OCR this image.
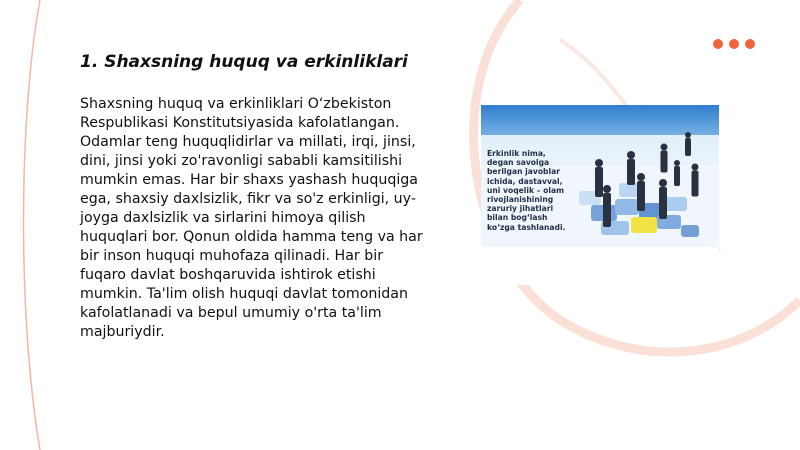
1. Shaxsning huquq va erkinliklari

Shaxsning huquq va erkinliklari O‘zbekiston Respublikasi Konstitutsiyasida kafolatlangan. Odamlar teng huquqlidirlar va millati, irqi, jinsi, dini, jinsi yoki zo'ravonligi sababli kamsitilishi mumkin emas. Har bir shaxs yashash huquqiga ega, shaxsiy daxlsizlik, fikr va so'z erkinligi, uy-joyga daxlsizlik va sirlarini himoya qilish huquqlari bor. Qonun oldida hamma teng va har bir inson huquqi muhofaza qilinadi. Har bir fuqaro davlat boshqaruvida ishtirok etishi mumkin. Ta'lim olish huquqi davlat tomonidan kafolatlanadi va bepul umumiy o'rta ta'lim majburiydir.

Erkinlik nima, degan savolga berilgan javoblar ichida, dastavval, uni voqelik – olam rivojlanishining zaruriy jihatlari bilan bog‘lash ko‘zga tashlanadi.
